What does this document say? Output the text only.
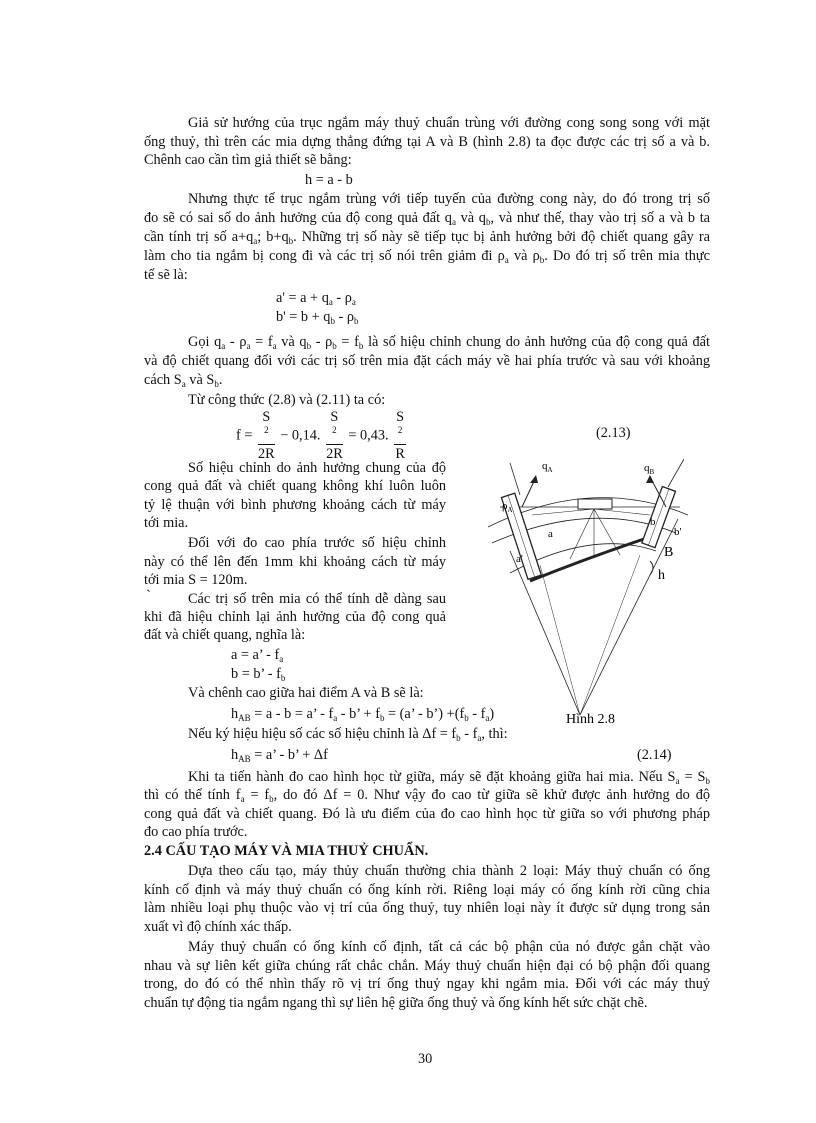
Giả sử hướng của trục ngắm máy thuỷ chuẩn trùng với đường cong song song với mặt
ống thuỷ, thì trên các mia dựng thẳng đứng tại A và B (hình 2.8) ta đọc được các trị số a và b.
Chênh cao cần tìm giả thiết sẽ bằng:
h = a - b
Nhưng thực tế trục ngắm trùng với tiếp tuyến của đường cong này, do đó trong trị số
đo sẽ có sai số do ảnh hưởng của độ cong quả đất $q_a$ và $q_b$, và như thế, thay vào trị số a và b ta
cần tính trị số $a+q_a$; $b+q_b$. Những trị số này sẽ tiếp tục bị ảnh hưởng bởi độ chiết quang gây ra
làm cho tia ngắm bị cong đi và các trị số nói trên giảm đi $\rho_a$ và $\rho_b$. Do đó trị số trên mia thực
tế sẽ là:
$a' = a + q_a - \rho_a$
$b' = b + q_b - \rho_b$
Gọi $q_a - \rho_a = f_a$ và $q_b - \rho_b = f_b$ là số hiệu chỉnh chung do ảnh hưởng của độ cong quả đất
và độ chiết quang đối với các trị số trên mia đặt cách máy về hai phía trước và sau với khoảng
cách $S_a$ và $S_b$.
Từ công thức (2.8) và (2.11) ta có:
f = S
$^2$
2R − 0,14. S
$^2$
2R = 0,43. S
$^2$
R	(2.13)
Số hiệu chỉnh do ảnh hưởng chung của độ
cong quả đất và chiết quang không khí luôn luôn
tỷ lệ thuận với bình phương khoảng cách từ máy
tới mia.
Đối với đo cao phía trước số hiệu chỉnh
này có thể lên đến 1mm khi khoảng cách từ máy
tới mia S = 120m.
`	Các trị số trên mia có thể tính dễ dàng sau
khi đã hiệu chỉnh lại ảnh hưởng của độ cong quả
đất và chiết quang, nghĩa là:
a = a’ - $f_a$
b = b’ - $f_b$
Và chênh cao giữa hai điểm A và B sẽ là:
$h_{AB} = a - b = a$’ - $f_a$ - b’ + $f_b = (a$’ - b’) $+(f_b - f_a)$
Nếu ký hiệu hiệu số các số hiệu chỉnh là $\Delta f = f_b - f_a$, thì:
$h_{AB} = a$’ - b’ + Δf	(2.14)
Khi ta tiến hành đo cao hình học từ giữa, máy sẽ đặt khoảng giữa hai mia. Nếu $S_a = S_b$
thì có thể tính $f_a = f_b$, do đó Δf = 0. Như vậy đo cao từ giữa sẽ khử được ảnh hưởng do độ
cong quả đất và chiết quang. Đó là ưu điểm của đo cao hình học từ giữa so với phương pháp
đo cao phía trước.
2.4 CẤU TẠO MÁY VÀ MIA THUỶ CHUẨN.
Dựa theo cấu tạo, máy thủy chuẩn thường chia thành 2 loại: Máy thuỷ chuẩn có ống
kính cố định và máy thuỷ chuẩn có ống kính rời. Riêng loại máy có ống kính rời cũng chia
làm nhiều loại phụ thuộc vào vị trí của ống thuỷ, tuy nhiên loại này ít được sử dụng trong sản
xuất vì độ chính xác thấp.
Máy thuỷ chuẩn có ống kính cố định, tất cả các bộ phận của nó được gắn chặt vào
nhau và sự liên kết giữa chúng rất chắc chắn. Máy thuỷ chuẩn hiện đại có bộ phận đối quang
trong, do đó có thể nhìn thấy rõ vị trí ống thuỷ ngay khi ngắm mia. Đối với các máy thuỷ
chuẩn tự động tia ngắm ngang thì sự liên hệ giữa ống thuỷ và ống kính hết sức chặt chẽ.
30
$q_A$	$q_B$
$\rho_A$
a
a'
b
b'
B
h
Hình 2.8
